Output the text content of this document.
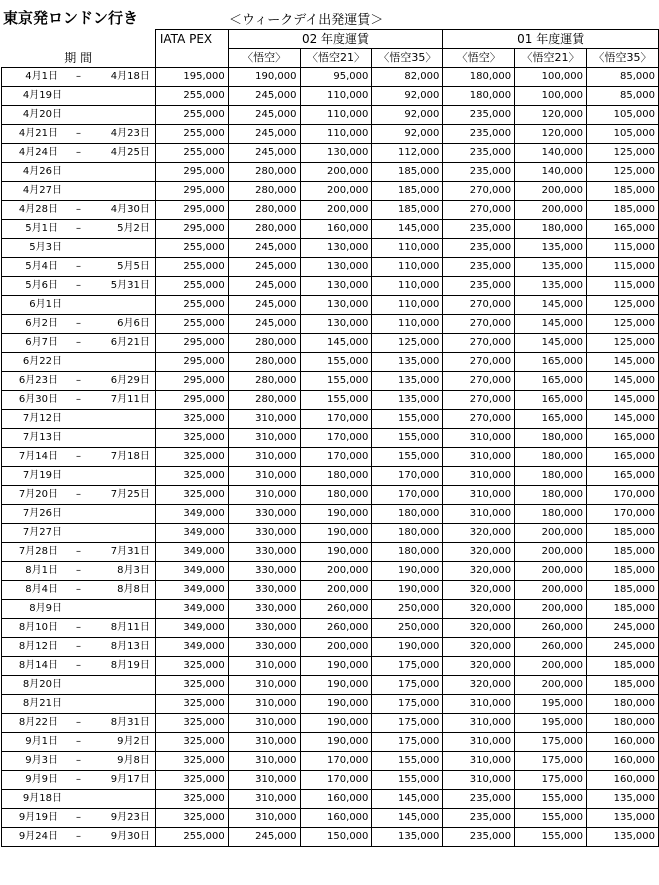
東京発ロンドン行き	＜ウィークデイ出発運賃＞
	IATA PEX	02 年度運賃			01 年度運賃		
期 間		〈悟空〉	〈悟空21〉	〈悟空35〉	〈悟空〉	〈悟空21〉	〈悟空35〉

4月1日 – 4月18日	195,000	190,000	95,000	82,000	180,000	100,000	85,000

4月19日	255,000	245,000	110,000	92,000	180,000	100,000	85,000

4月20日	255,000	245,000	110,000	92,000	235,000	120,000	105,000

4月21日 – 4月23日	255,000	245,000	110,000	92,000	235,000	120,000	105,000

4月24日 – 4月25日	255,000	245,000	130,000	112,000	235,000	140,000	125,000

4月26日	295,000	280,000	200,000	185,000	235,000	140,000	125,000

4月27日	295,000	280,000	200,000	185,000	270,000	200,000	185,000

4月28日 – 4月30日	295,000	280,000	200,000	185,000	270,000	200,000	185,000

5月1日 – 5月2日	295,000	280,000	160,000	145,000	235,000	180,000	165,000

5月3日	255,000	245,000	130,000	110,000	235,000	135,000	115,000

5月4日 – 5月5日	255,000	245,000	130,000	110,000	235,000	135,000	115,000

5月6日 – 5月31日	255,000	245,000	130,000	110,000	235,000	135,000	115,000

6月1日	255,000	245,000	130,000	110,000	270,000	145,000	125,000

6月2日 – 6月6日	255,000	245,000	130,000	110,000	270,000	145,000	125,000

6月7日 – 6月21日	295,000	280,000	145,000	125,000	270,000	145,000	125,000

6月22日	295,000	280,000	155,000	135,000	270,000	165,000	145,000

6月23日 – 6月29日	295,000	280,000	155,000	135,000	270,000	165,000	145,000

6月30日 – 7月11日	295,000	280,000	155,000	135,000	270,000	165,000	145,000

7月12日	325,000	310,000	170,000	155,000	270,000	165,000	145,000

7月13日	325,000	310,000	170,000	155,000	310,000	180,000	165,000

7月14日 – 7月18日	325,000	310,000	170,000	155,000	310,000	180,000	165,000

7月19日	325,000	310,000	180,000	170,000	310,000	180,000	165,000

7月20日 – 7月25日	325,000	310,000	180,000	170,000	310,000	180,000	170,000

7月26日	349,000	330,000	190,000	180,000	310,000	180,000	170,000

7月27日	349,000	330,000	190,000	180,000	320,000	200,000	185,000

7月28日 – 7月31日	349,000	330,000	190,000	180,000	320,000	200,000	185,000

8月1日 – 8月3日	349,000	330,000	200,000	190,000	320,000	200,000	185,000

8月4日 – 8月8日	349,000	330,000	200,000	190,000	320,000	200,000	185,000

8月9日	349,000	330,000	260,000	250,000	320,000	200,000	185,000

8月10日 – 8月11日	349,000	330,000	260,000	250,000	320,000	260,000	245,000

8月12日 – 8月13日	349,000	330,000	200,000	190,000	320,000	260,000	245,000

8月14日 – 8月19日	325,000	310,000	190,000	175,000	320,000	200,000	185,000

8月20日	325,000	310,000	190,000	175,000	320,000	200,000	185,000

8月21日	325,000	310,000	190,000	175,000	310,000	195,000	180,000

8月22日 – 8月31日	325,000	310,000	190,000	175,000	310,000	195,000	180,000

9月1日 – 9月2日	325,000	310,000	190,000	175,000	310,000	175,000	160,000

9月3日 – 9月8日	325,000	310,000	170,000	155,000	310,000	175,000	160,000

9月9日 – 9月17日	325,000	310,000	170,000	155,000	310,000	175,000	160,000

9月18日	325,000	310,000	160,000	145,000	235,000	155,000	135,000

9月19日 – 9月23日	325,000	310,000	160,000	145,000	235,000	155,000	135,000

9月24日 – 9月30日	255,000	245,000	150,000	135,000	235,000	155,000	135,000
